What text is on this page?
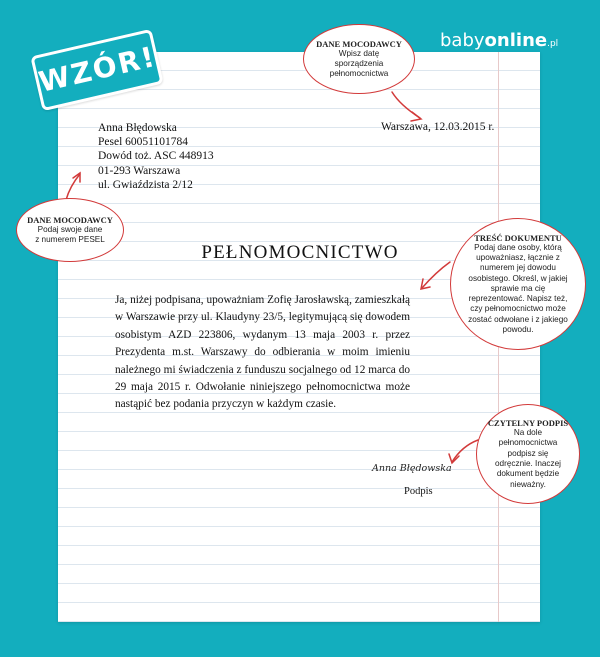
WZÓR!	babyonline.pl
Anna Błędowska
Pesel 60051101784
Dowód toż. ASC 448913
01-293 Warszawa
ul. Gwiaździsta 2/12
Warszawa, 12.03.2015 r.
PEŁNOMOCNICTWO
Ja, niżej podpisana, upoważniam Zofię Jarosławską, zamieszkałą w Warszawie przy ul. Klaudyny 23/5, legitymującą się dowodem osobistym AZD 223806, wydanym 13 maja 2003 r. przez Prezydenta m.st. Warszawy do odbierania w moim imieniu należnego mi świadczenia z funduszu socjalnego od 12 marca do 29 maja 2015 r. Odwołanie niniejszego pełnomocnictwa może nastąpić bez podania przyczyn w każdym czasie.
Anna Błędowska
Podpis
DANE MOCODAWCY
Wpisz datę sporządzenia pełnomocnictwa
DANE MOCODAWCY
Podaj swoje dane z numerem PESEL	TREŚĆ DOKUMENTU
Podaj dane osoby, którą upoważniasz, łącznie z numerem jej dowodu osobistego. Określ, w jakiej sprawie ma cię reprezentować. Napisz też, czy pełnomocnictwo może zostać odwołane i z jakiego powodu.
CZYTELNY PODPIS
Na dole pełnomocnictwa podpisz się odręcznie. Inaczej dokument będzie nieważny.
